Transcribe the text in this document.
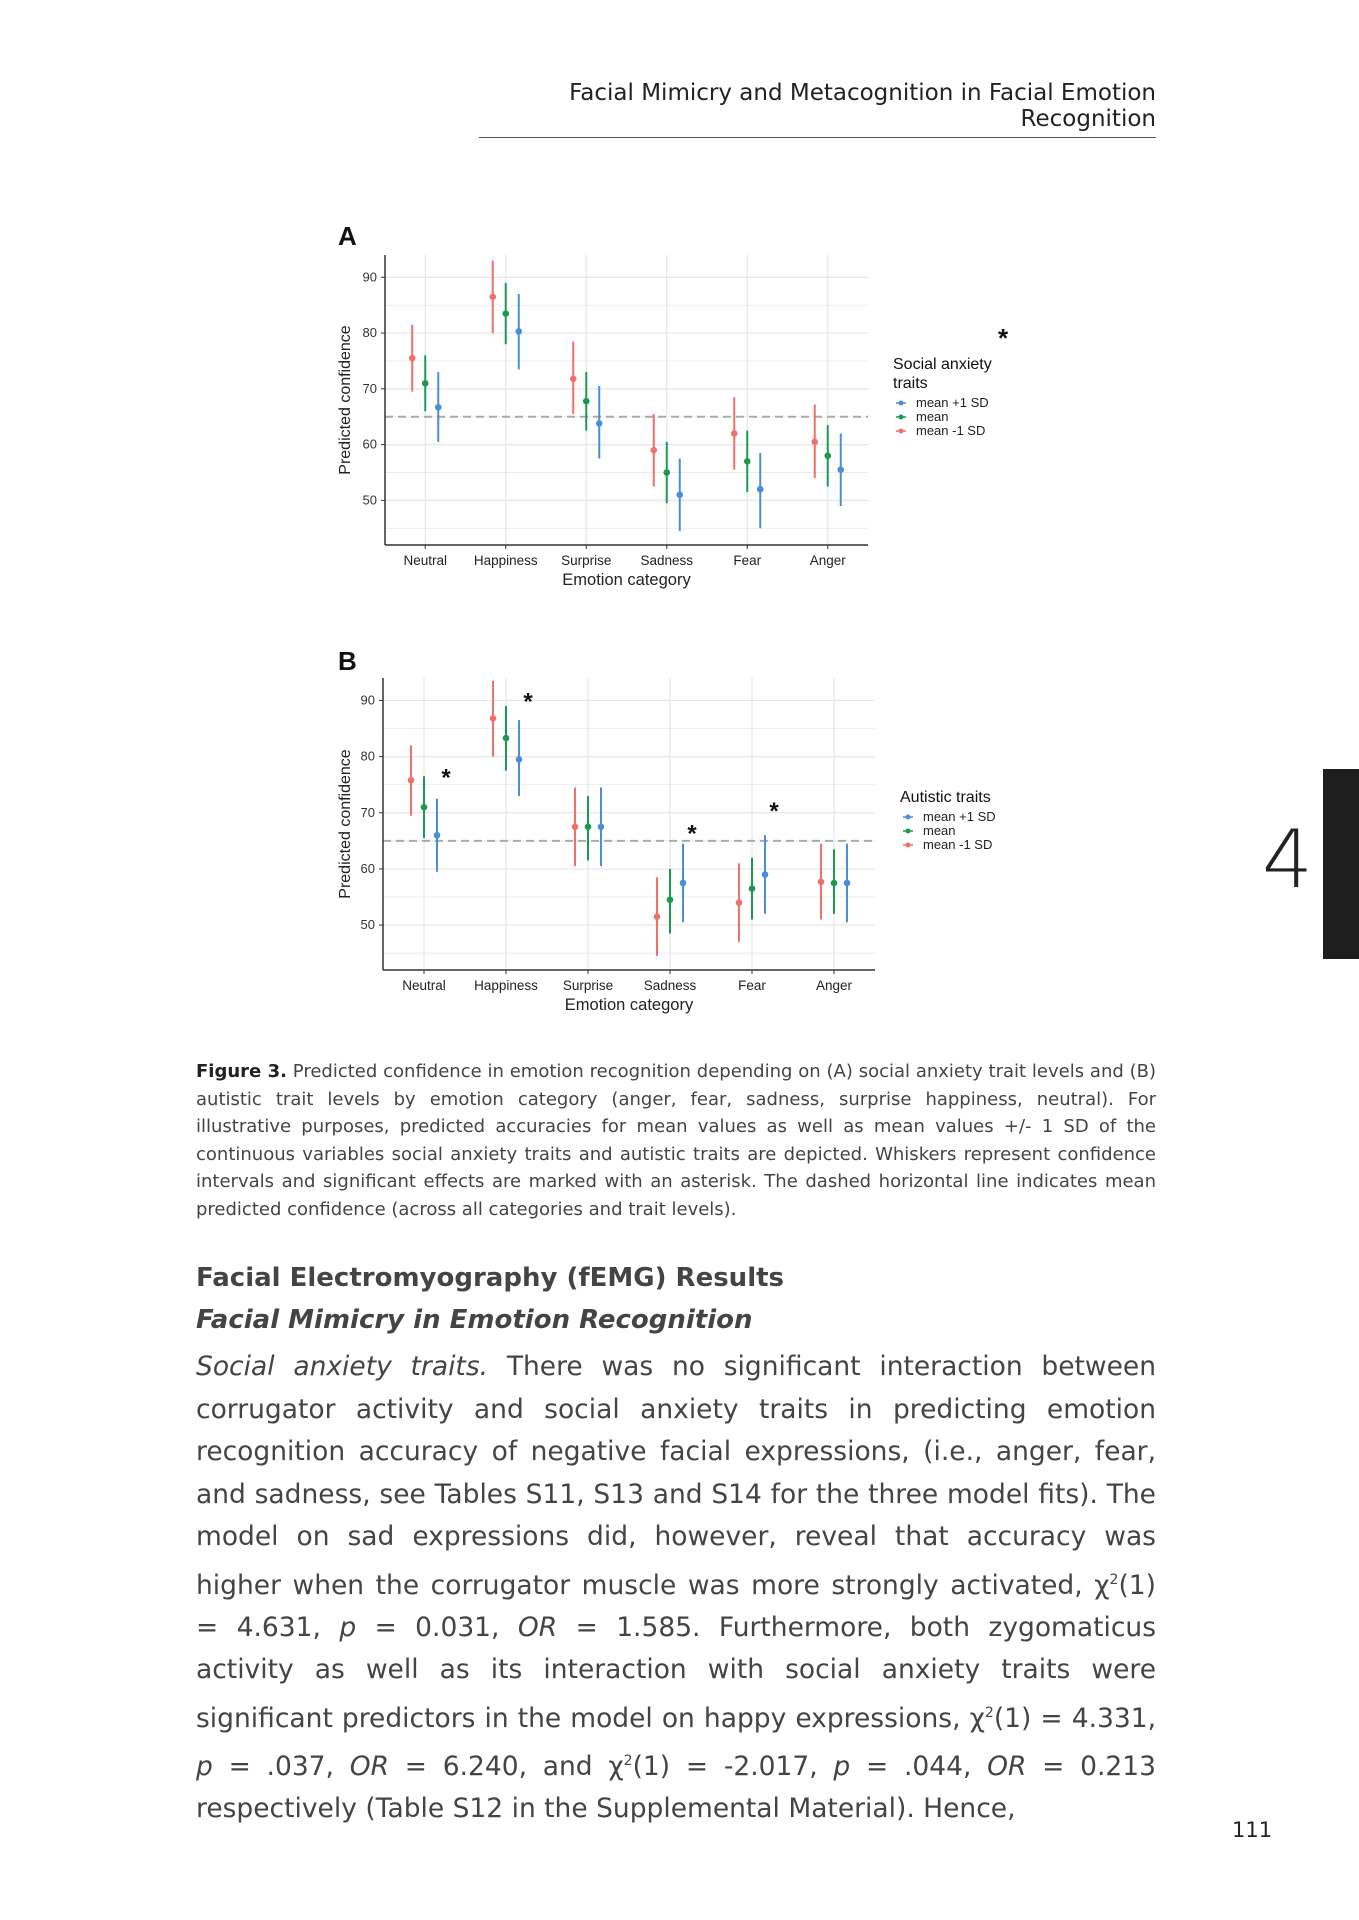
Facial Mimicry and Metacognition in Facial Emotion Recognition
A
50
60
70
80
90
Neutral Happiness Surprise Sadness	Fear	Anger
Emotion category
Predicted confidence	*
Social anxiety
traits
mean +1 SD
mean
mean -1 SD
B
50
60
70
80
90
Neutral Happiness Surprise Sadness	Fear	Anger
Emotion category
Predicted confidence	*
*
*
*
Autistic traits
mean +1 SD
mean
mean -1 SD	4
Figure 3. Predicted confidence in emotion recognition depending on (A) social anxiety trait levels and (B) autistic trait levels by emotion category (anger, fear, sadness, surprise happiness, neutral). For illustrative purposes, predicted accuracies for mean values as well as mean values +/- 1 SD of the continuous variables social anxiety traits and autistic traits are depicted. Whiskers represent confidence intervals and significant effects are marked with an asterisk. The dashed horizontal line indicates mean predicted confidence (across all categories and trait levels).
Facial Electromyography (fEMG) Results
Facial Mimicry in Emotion Recognition
Social anxiety traits. There was no significant interaction between corrugator activity and social anxiety traits in predicting emotion recognition accuracy of negative facial expressions, (i.e., anger, fear, and sadness, see Tables S11, S13 and S14 for the three model fits). The model on sad expressions did, however, reveal that accuracy was higher when the corrugator muscle was more strongly activated, $\chi^2(1) = 4.631$, p = 0.031, OR = 1.585. Furthermore, both zygomaticus activity as well as its interaction with social anxiety traits were significant predictors in the model on happy expressions, $\chi^2(1) = 4.331$, p = .037, OR = 6.240, and $\chi^2(1) = -2.017$, p = .044, OR = 0.213 respectively (Table S12 in the Supplemental Material). Hence,
111
